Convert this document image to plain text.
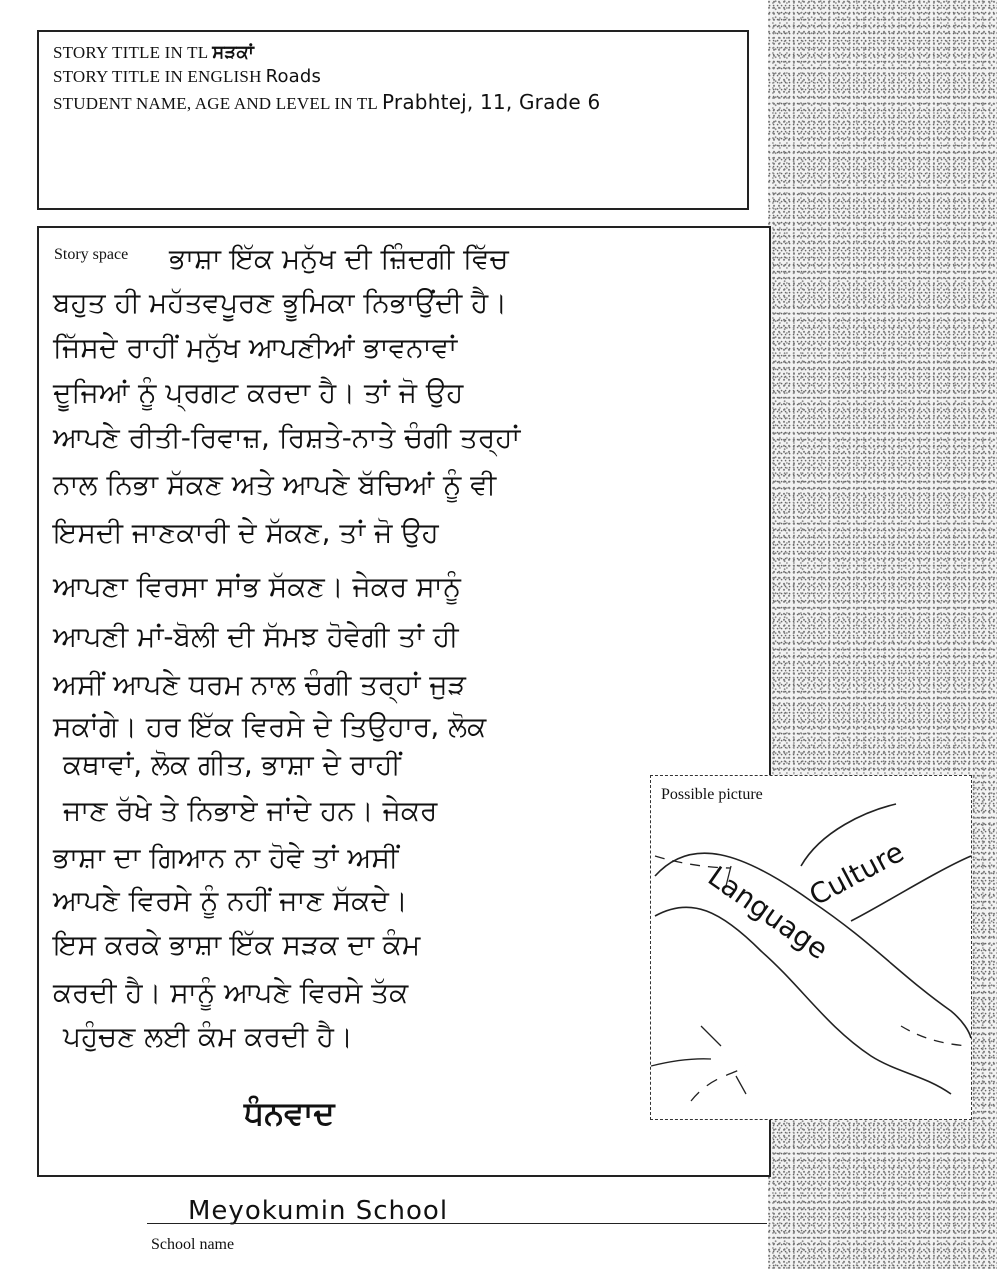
STORY TITLE IN TL ਸੜਕਾਂ
STORY TITLE IN ENGLISH Roads
STUDENT NAME, AGE AND LEVEL IN TL Prabhtej, 11, Grade 6
Story space ਭਾਸ਼ਾ ਇੱਕ ਮਨੁੱਖ ਦੀ ਜ਼ਿੰਦਗੀ ਵਿੱਚ
ਬਹੁਤ ਹੀ ਮਹੱਤਵਪੂਰਣ ਭੂਮਿਕਾ ਨਿਭਾਉਂਦੀ ਹੈ।
ਜਿੱਸਦੇ ਰਾਹੀਂ ਮਨੁੱਖ ਆਪਣੀਆਂ ਭਾਵਨਾਵਾਂ
ਦੂਜਿਆਂ ਨੂੰ ਪ੍ਰਗਟ ਕਰਦਾ ਹੈ। ਤਾਂ ਜੋ ਉਹ
ਆਪਣੇ ਰੀਤੀ-ਰਿਵਾਜ਼, ਰਿਸ਼ਤੇ-ਨਾਤੇ ਚੰਗੀ ਤਰ੍ਹਾਂ
ਨਾਲ ਨਿਭਾ ਸੱਕਣ ਅਤੇ ਆਪਣੇ ਬੱਚਿਆਂ ਨੂੰ ਵੀ
ਇਸਦੀ ਜਾਣਕਾਰੀ ਦੇ ਸੱਕਣ, ਤਾਂ ਜੋ ਉਹ
ਆਪਣਾ ਵਿਰਸਾ ਸਾਂਭ ਸੱਕਣ। ਜੇਕਰ ਸਾਨੂੰ
ਆਪਣੀ ਮਾਂ-ਬੋਲੀ ਦੀ ਸੱਮਝ ਹੋਵੇਗੀ ਤਾਂ ਹੀ
ਅਸੀਂ ਆਪਣੇ ਧਰਮ ਨਾਲ ਚੰਗੀ ਤਰ੍ਹਾਂ ਜੁੜ
ਸਕਾਂਗੇ। ਹਰ ਇੱਕ ਵਿਰਸੇ ਦੇ ਤਿਉਹਾਰ, ਲੋਕ
ਕਥਾਵਾਂ, ਲੋਕ ਗੀਤ, ਭਾਸ਼ਾ ਦੇ ਰਾਹੀਂ
ਜਾਣ ਰੱਖੇ ਤੇ ਨਿਭਾਏ ਜਾਂਦੇ ਹਨ। ਜੇਕਰ
ਭਾਸ਼ਾ ਦਾ ਗਿਆਨ ਨਾ ਹੋਵੇ ਤਾਂ ਅਸੀਂ
ਆਪਣੇ ਵਿਰਸੇ ਨੂੰ ਨਹੀਂ ਜਾਣ ਸੱਕਦੇ।
ਇਸ ਕਰਕੇ ਭਾਸ਼ਾ ਇੱਕ ਸੜਕ ਦਾ ਕੰਮ
ਕਰਦੀ ਹੈ। ਸਾਨੂੰ ਆਪਣੇ ਵਿਰਸੇ ਤੱਕ
ਪਹੁੰਚਣ ਲਈ ਕੰਮ ਕਰਦੀ ਹੈ।
ਧੰਨਵਾਦ
Possible picture
Culture
Language
Meyokumin School
School name
